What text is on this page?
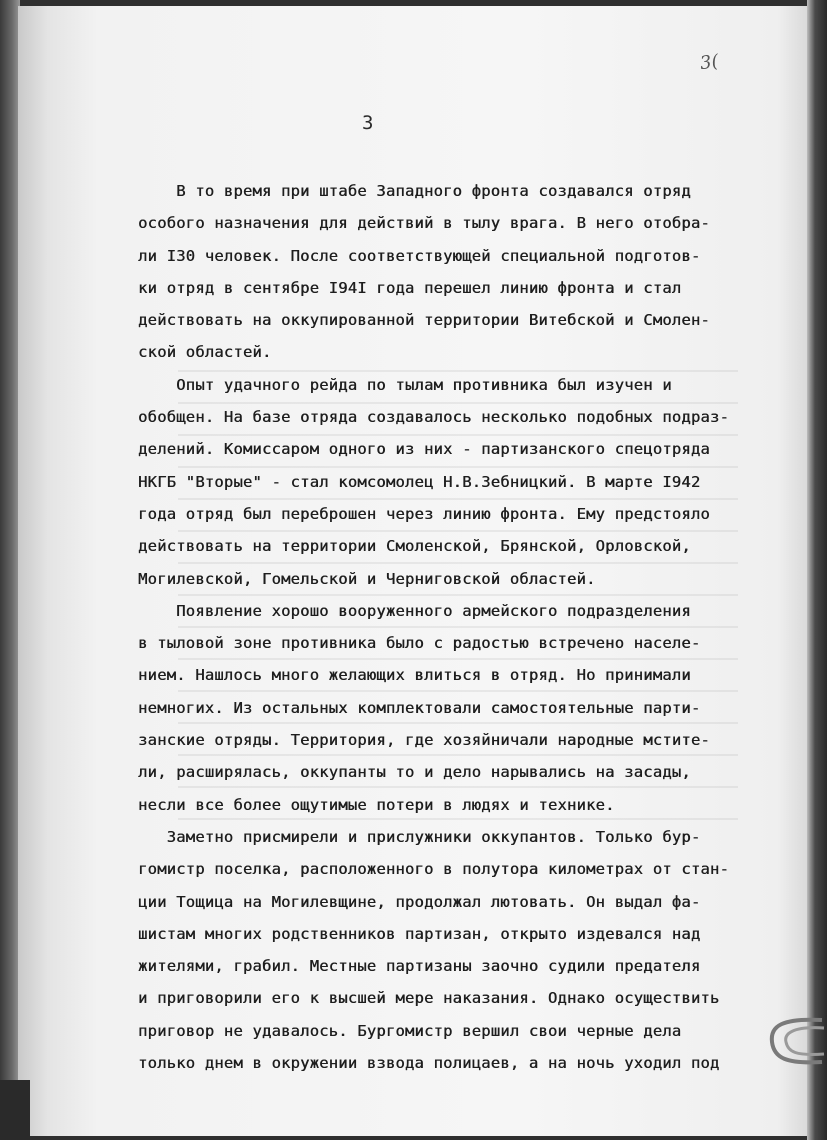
3(
3
В то время при штабе Западного фронта создавался отряд
особого назначения для действий в тылу врага. В него отобра-
ли I30 человек. После соответствующей специальной подготов-
ки отряд в сентябре I94I года перешел линию фронта и стал
действовать на оккупированной территории Витебской и Смолен-
ской областей.
Опыт удачного рейда по тылам противника был изучен и
обобщен. На базе отряда создавалось несколько подобных подраз-
делений. Комиссаром одного из них - партизанского спецотряда
НКГБ "Вторые" - стал комсомолец Н.В.Зебницкий. В марте I942
года отряд был переброшен через линию фронта. Ему предстояло
действовать на территории Смоленской, Брянской, Орловской,
Могилевской, Гомельской и Черниговской областей.
Появление хорошо вооруженного армейского подразделения
в тыловой зоне противника было с радостью встречено населе-
нием. Нашлось много желающих влиться в отряд. Но принимали
немногих. Из остальных комплектовали самостоятельные парти-
занские отряды. Территория, где хозяйничали народные мстите-
ли, расширялась, оккупанты то и дело нарывались на засады,
несли все более ощутимые потери в людях и технике.
Заметно присмирели и прислужники оккупантов. Только бур-
гомистр поселка, расположенного в полутора километрах от стан-
ции Тощица на Могилевщине, продолжал лютовать. Он выдал фа-
шистам многих родственников партизан, открыто издевался над
жителями, грабил. Местные партизаны заочно судили предателя
и приговорили его к высшей мере наказания. Однако осуществить
приговор не удавалось. Бургомистр вершил свои черные дела
только днем в окружении взвода полицаев, а на ночь уходил под
